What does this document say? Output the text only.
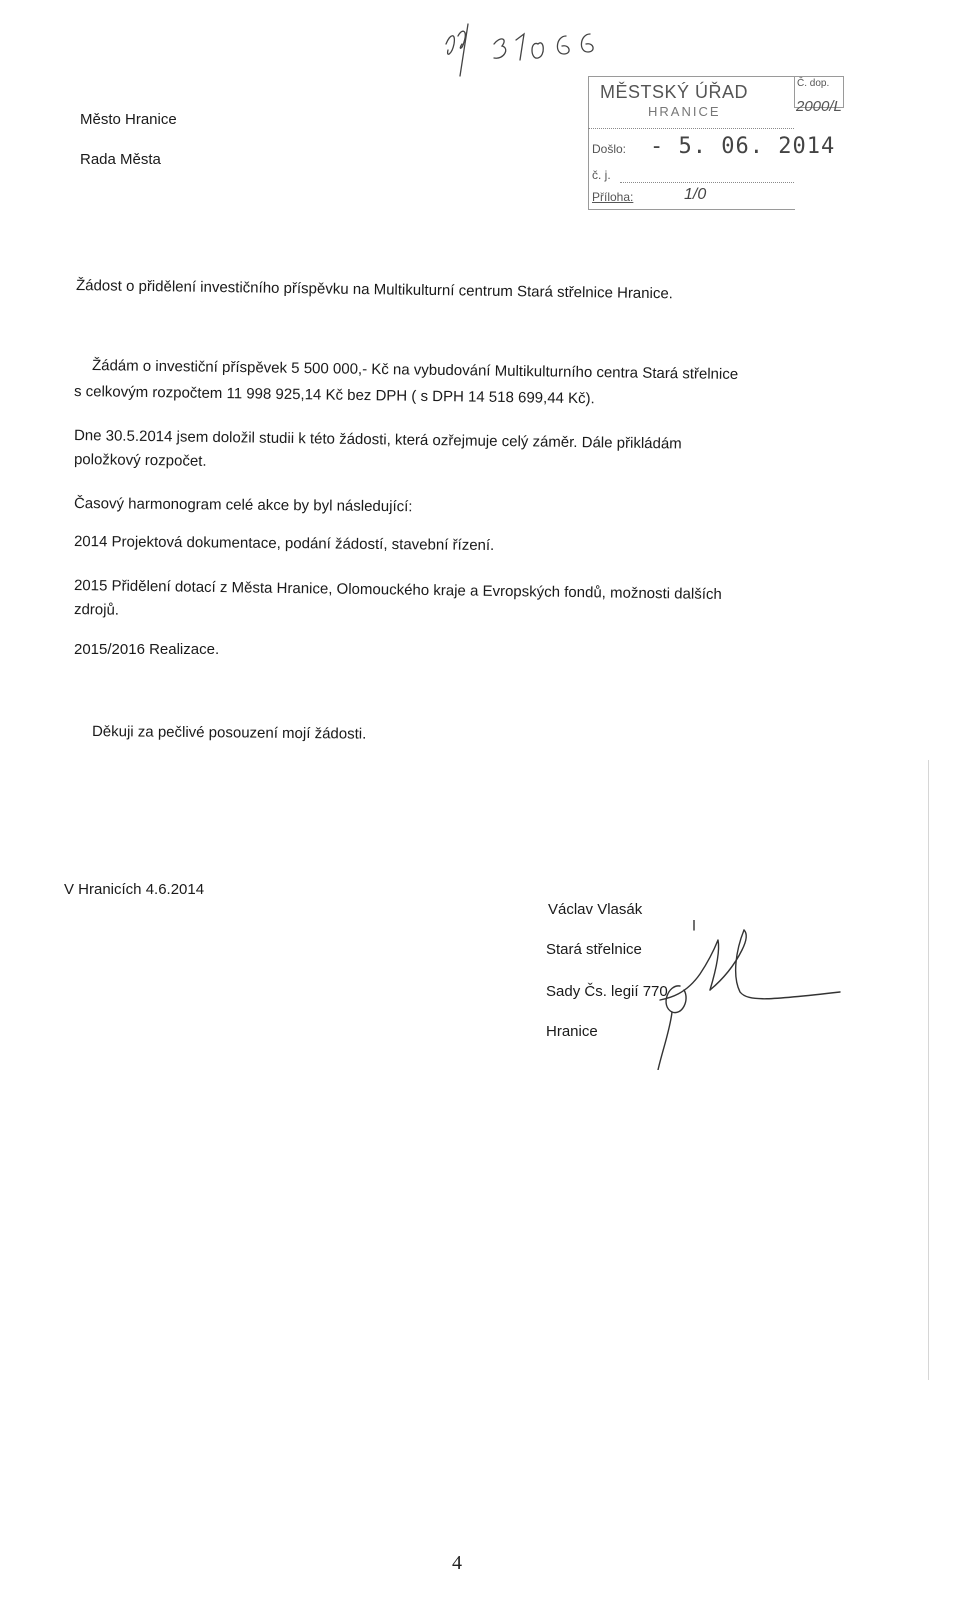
Město Hranice
Rada Města
MĚSTSKÝ ÚŘAD
HRANICE
Došlo: - 5. 06. 2014
č. j.
Příloha:	1/0
Č. dop.
2000/L
Žádost o přidělení investičního příspěvku na Multikulturní centrum Stará střelnice Hranice.
Žádám o investiční příspěvek 5 500 000,- Kč na vybudování Multikulturního centra Stará střelnice
s celkovým rozpočtem 11 998 925,14 Kč bez DPH ( s DPH 14 518 699,44 Kč).
Dne 30.5.2014 jsem doložil studii k této žádosti, která ozřejmuje celý záměr. Dále přikládám
položkový rozpočet.
Časový harmonogram celé akce by byl následující:
2014 Projektová dokumentace, podání žádostí, stavební řízení.
2015 Přidělení dotací z Města Hranice, Olomouckého kraje a Evropských fondů, možnosti dalších
zdrojů.
2015/2016 Realizace.
Děkuji za pečlivé posouzení mojí žádosti.
V Hranicích 4.6.2014
Václav Vlasák
Stará střelnice
Sady Čs. legií 770
Hranice
4
